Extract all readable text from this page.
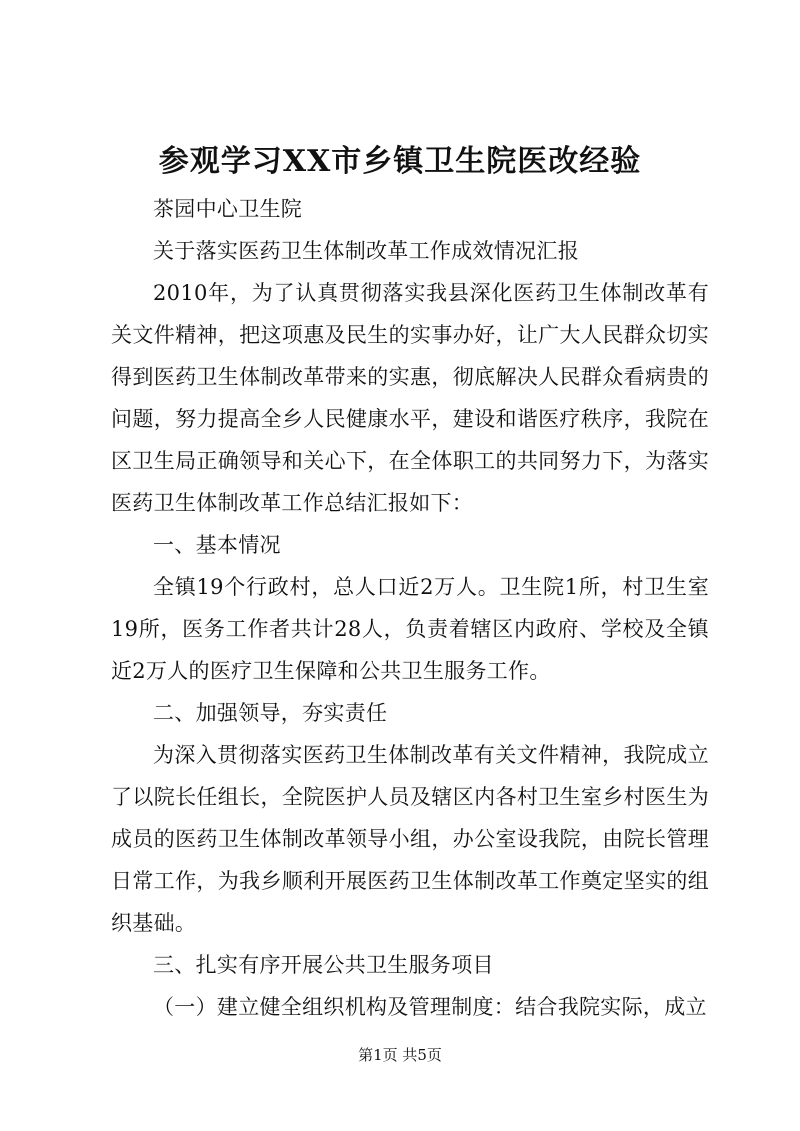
参观学习XX市乡镇卫生院医改经验

茶园中心卫生院

关于落实医药卫生体制改革工作成效情况汇报

2010年，为了认真贯彻落实我县深化医药卫生体制改革有关文件精神，把这项惠及民生的实事办好，让广大人民群众切实得到医药卫生体制改革带来的实惠，彻底解决人民群众看病贵的问题，努力提高全乡人民健康水平，建设和谐医疗秩序，我院在区卫生局正确领导和关心下，在全体职工的共同努力下，为落实医药卫生体制改革工作总结汇报如下：

一、基本情况

全镇19个行政村，总人口近2万人。卫生院1所，村卫生室19所，医务工作者共计28人，负责着辖区内政府、学校及全镇近2万人的医疗卫生保障和公共卫生服务工作。

二、加强领导，夯实责任

为深入贯彻落实医药卫生体制改革有关文件精神，我院成立了以院长任组长，全院医护人员及辖区内各村卫生室乡村医生为成员的医药卫生体制改革领导小组，办公室设我院，由院长管理日常工作，为我乡顺利开展医药卫生体制改革工作奠定坚实的组织基础。

三、扎实有序开展公共卫生服务项目

（一）建立健全组织机构及管理制度：结合我院实际，成立

第1页 共5页
